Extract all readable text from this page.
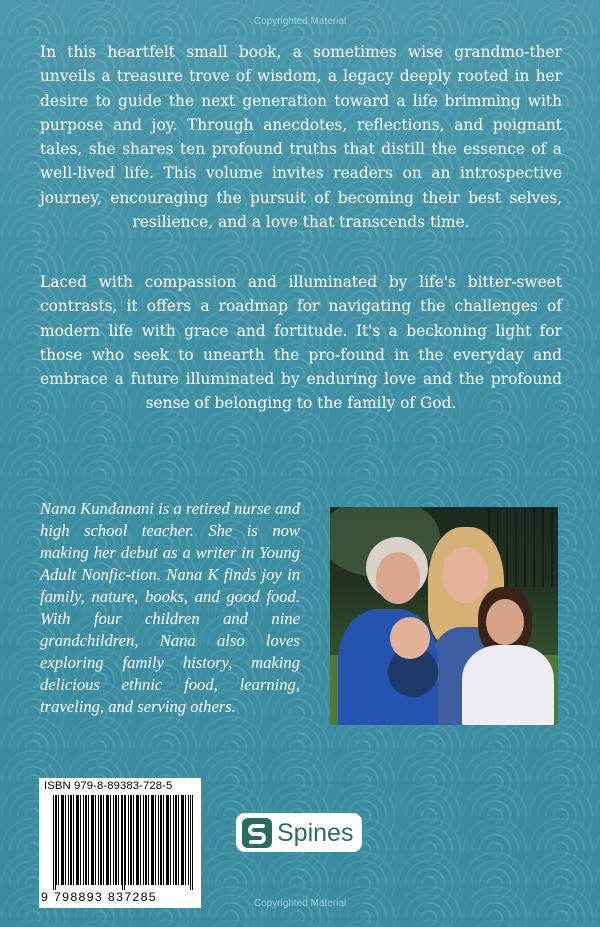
Copyrighted Material

In this heartfelt small book, a sometimes wise grandmo-ther unveils a treasure trove of wisdom, a legacy deeply rooted in her desire to guide the next generation toward a life brimming with purpose and joy. Through anecdotes, reflections, and poignant tales, she shares ten profound truths that distill the essence of a well-lived life. This volume invites readers on an introspective journey, encouraging the pursuit of becoming their best selves, resilience, and a love that transcends time.

Laced with compassion and illuminated by life's bitter-sweet contrasts, it offers a roadmap for navigating the challenges of modern life with grace and fortitude. It's a beckoning light for those who seek to unearth the pro-found in the everyday and embrace a future illuminated by enduring love and the profound sense of belonging to the family of God.

Nana Kundanani is a retired nurse and high school teacher. She is now making her debut as a writer in Young Adult Nonfic-tion. Nana K finds joy in family, nature, books, and good food. With four children and nine grandchildren, Nana also loves exploring family history, making delicious ethnic food, learning, traveling, and serving others.

ISBN 979-8-89383-728-5
9 798893 837285
Spines
Copyrighted Material
